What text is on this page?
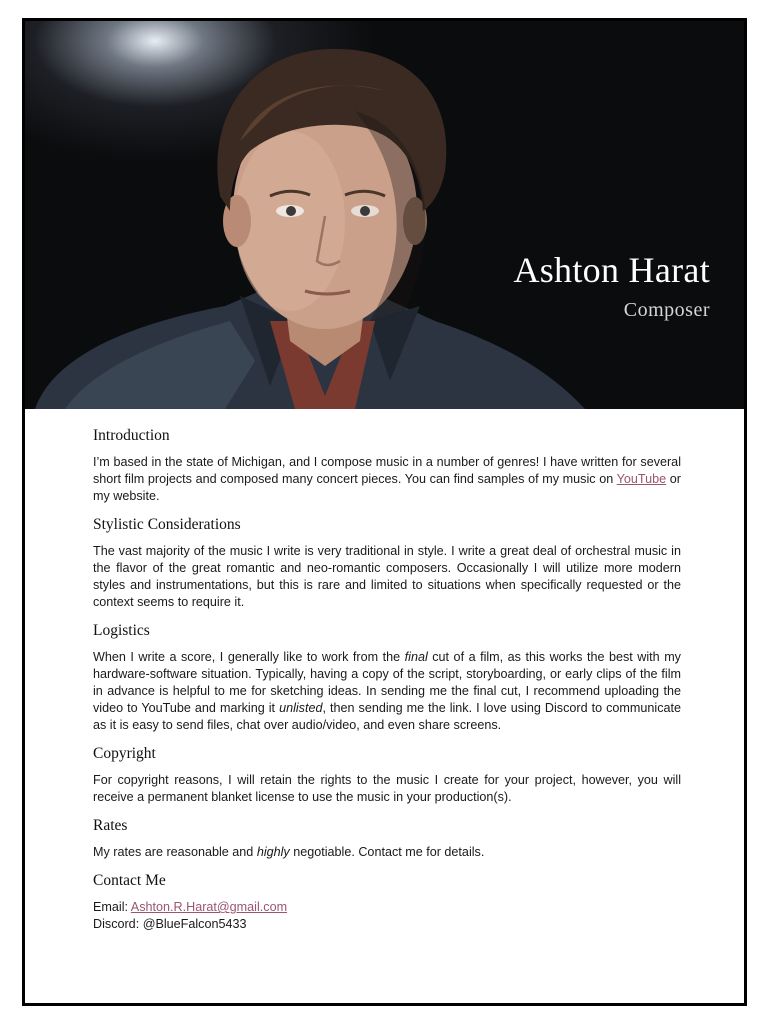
Ashton Harat
Composer
Introduction

I’m based in the state of Michigan, and I compose music in a number of genres! I have written for several short film projects and composed many concert pieces. You can find samples of my music on YouTube or my website.

Stylistic Considerations

The vast majority of the music I write is very traditional in style. I write a great deal of orchestral music in the flavor of the great romantic and neo-romantic composers. Occasionally I will utilize more modern styles and instrumentations, but this is rare and limited to situations when specifically requested or the context seems to require it.

Logistics

When I write a score, I generally like to work from the final cut of a film, as this works the best with my hardware-software situation. Typically, having a copy of the script, storyboarding, or early clips of the film in advance is helpful to me for sketching ideas. In sending me the final cut, I recommend uploading the video to YouTube and marking it unlisted, then sending me the link. I love using Discord to communicate as it is easy to send files, chat over audio/video, and even share screens.

Copyright

For copyright reasons, I will retain the rights to the music I create for your project, however, you will receive a permanent blanket license to use the music in your production(s).

Rates

My rates are reasonable and highly negotiable. Contact me for details.

Contact Me
Email: Ashton.R.Harat@gmail.com
Discord: @BlueFalcon5433
